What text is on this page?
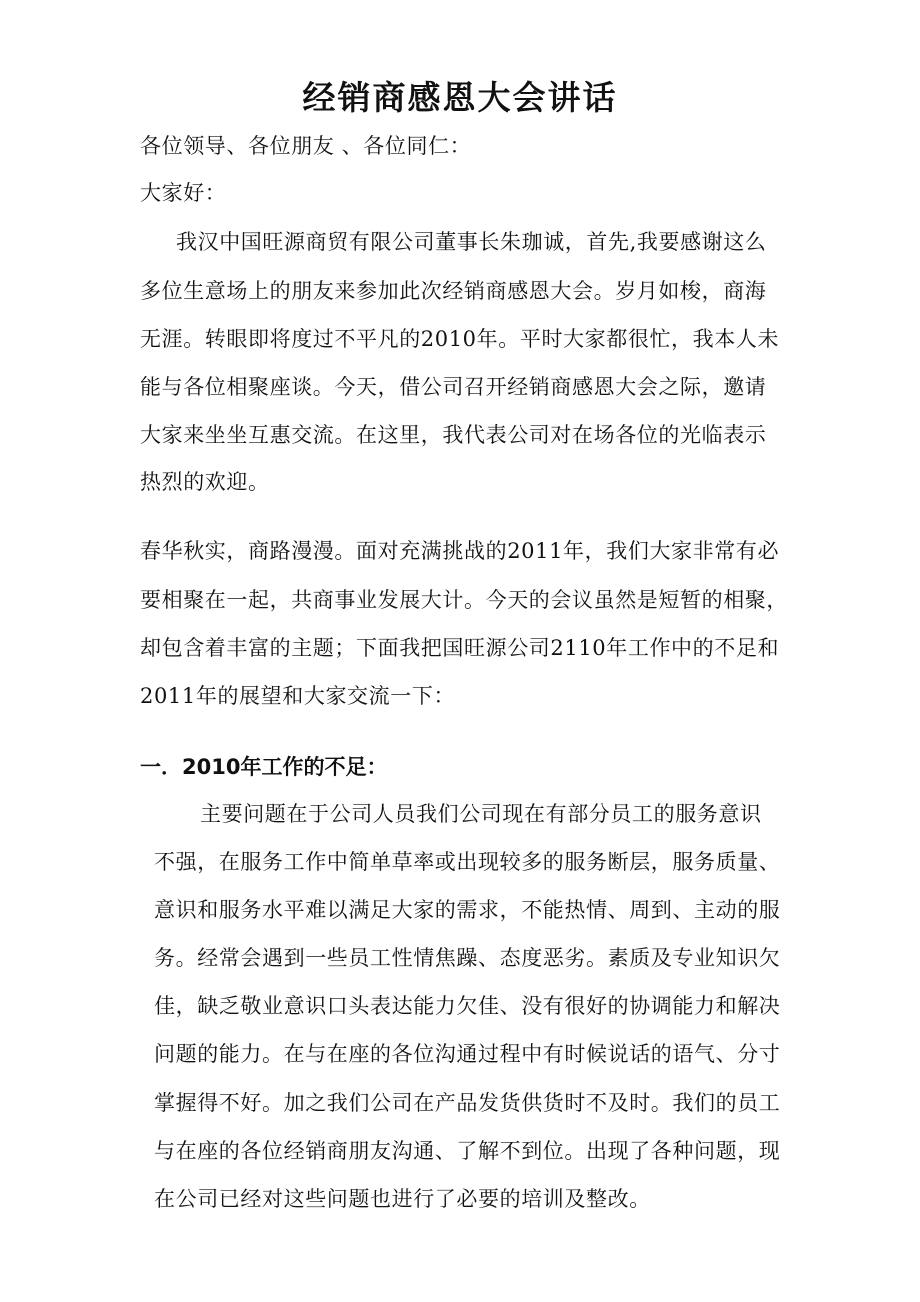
经销商感恩大会讲话
各位领导、各位朋友 、各位同仁：
大家好：
我汉中国旺源商贸有限公司董事长朱珈诚，首先,我要感谢这么
多位生意场上的朋友来参加此次经销商感恩大会。岁月如梭，商海
无涯。转眼即将度过不平凡的2010年。平时大家都很忙，我本人未
能与各位相聚座谈。今天，借公司召开经销商感恩大会之际，邀请
大家来坐坐互惠交流。在这里，我代表公司对在场各位的光临表示
热烈的欢迎。
春华秋实，商路漫漫。面对充满挑战的2011年，我们大家非常有必
要相聚在一起，共商事业发展大计。今天的会议虽然是短暂的相聚，
却包含着丰富的主题；下面我把国旺源公司2110年工作中的不足和
2011年的展望和大家交流一下：
一．2010年工作的不足：
主要问题在于公司人员我们公司现在有部分员工的服务意识
不强，在服务工作中简单草率或出现较多的服务断层，服务质量、
意识和服务水平难以满足大家的需求，不能热情、周到、主动的服
务。经常会遇到一些员工性情焦躁、态度恶劣。素质及专业知识欠
佳，缺乏敬业意识口头表达能力欠佳、没有很好的协调能力和解决
问题的能力。在与在座的各位沟通过程中有时候说话的语气、分寸
掌握得不好。加之我们公司在产品发货供货时不及时。我们的员工
与在座的各位经销商朋友沟通、了解不到位。出现了各种问题，现
在公司已经对这些问题也进行了必要的培训及整改。
